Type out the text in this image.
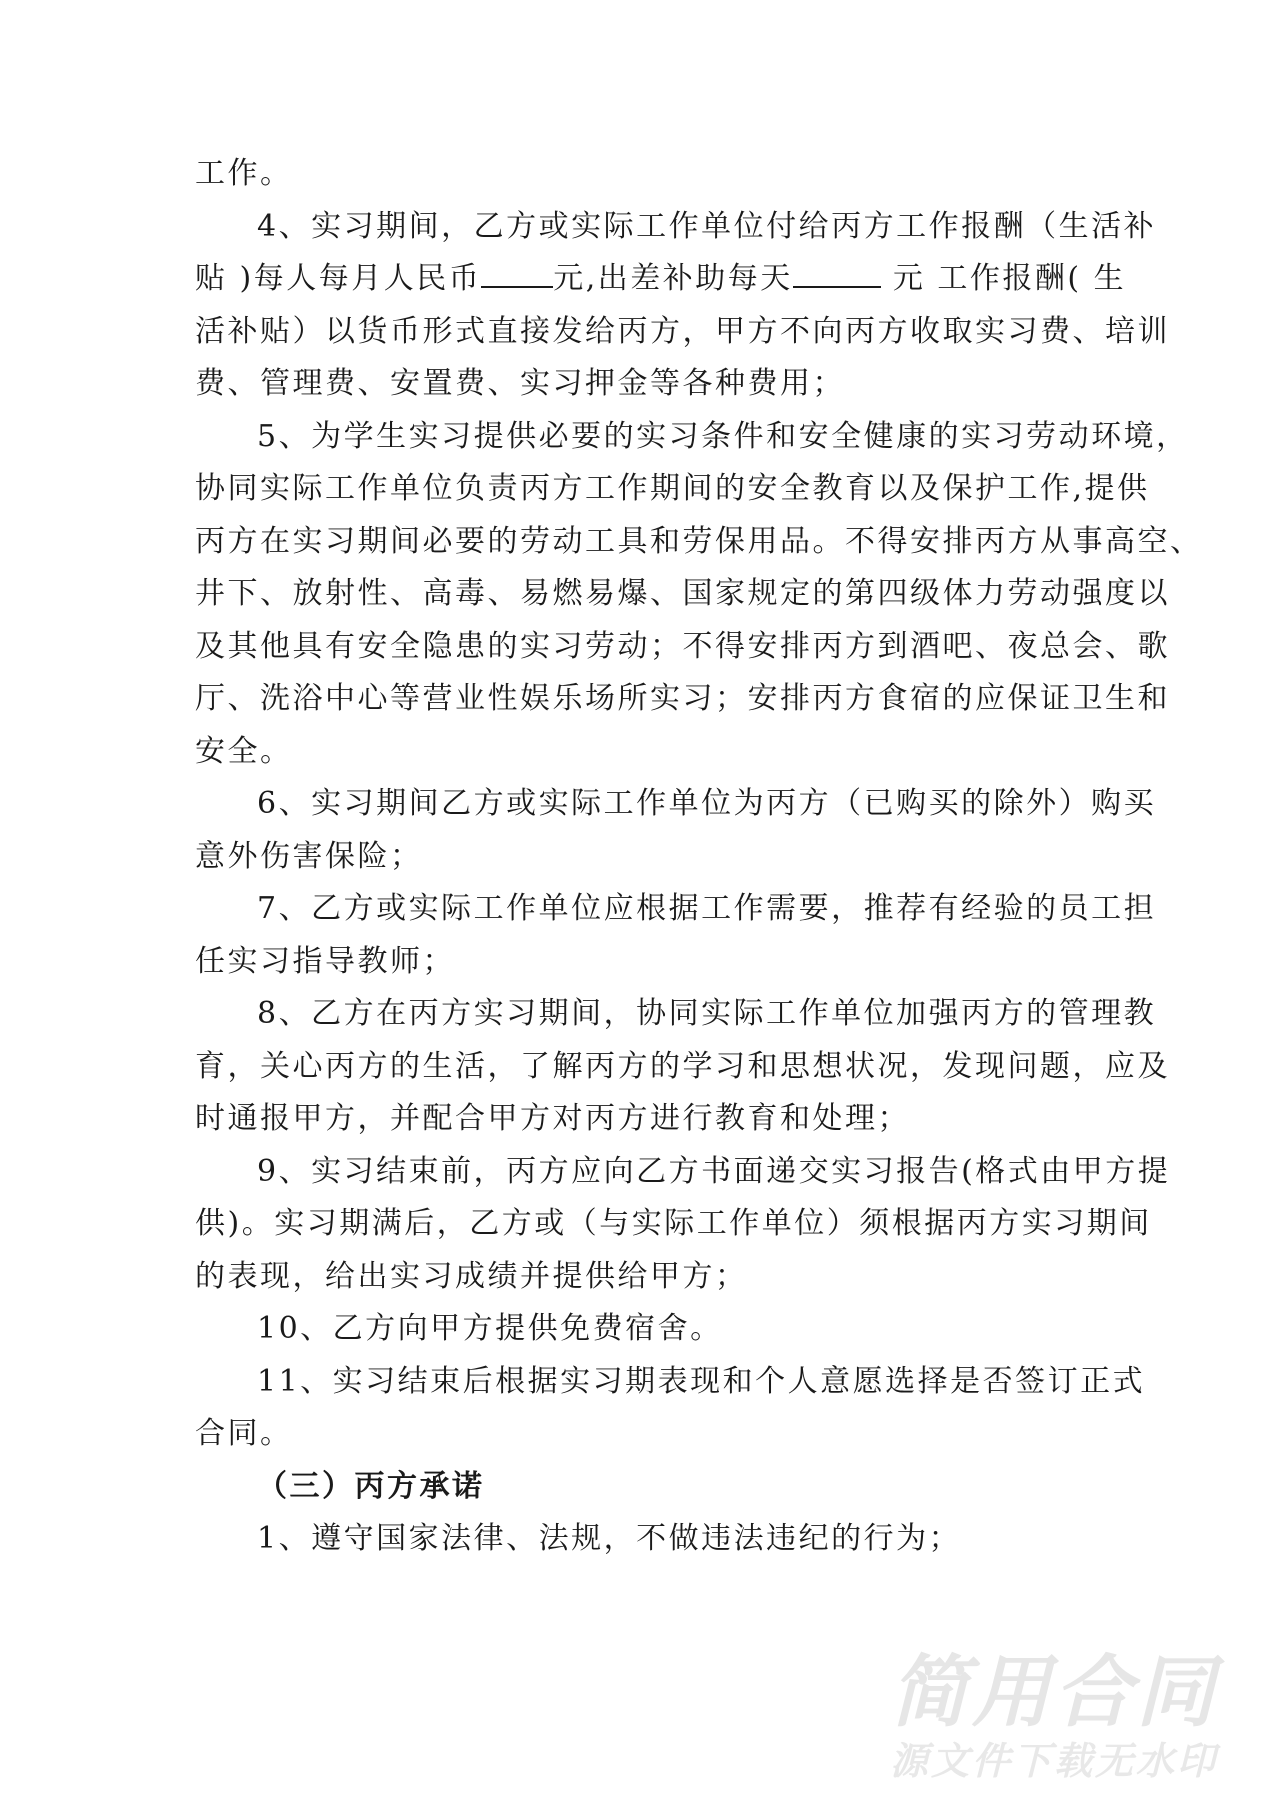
工作。
4、实习期间，乙方或实际工作单位付给丙方工作报酬（生活补
贴 )每人每月人民币 元,出差补助每天	元 工作报酬( 生
活补贴）以货币形式直接发给丙方，甲方不向丙方收取实习费、培训
费、管理费、安置费、实习押金等各种费用；
5、为学生实习提供必要的实习条件和安全健康的实习劳动环境，
协同实际工作单位负责丙方工作期间的安全教育以及保护工作,提供
丙方在实习期间必要的劳动工具和劳保用品。不得安排丙方从事高空、
井下、放射性、高毒、易燃易爆、国家规定的第四级体力劳动强度以
及其他具有安全隐患的实习劳动；不得安排丙方到酒吧、夜总会、歌
厅、洗浴中心等营业性娱乐场所实习；安排丙方食宿的应保证卫生和
安全。
6、实习期间乙方或实际工作单位为丙方（已购买的除外）购买
意外伤害保险；
7、乙方或实际工作单位应根据工作需要，推荐有经验的员工担
任实习指导教师；
8、乙方在丙方实习期间，协同实际工作单位加强丙方的管理教
育，关心丙方的生活，了解丙方的学习和思想状况，发现问题，应及
时通报甲方，并配合甲方对丙方进行教育和处理；
9、实习结束前，丙方应向乙方书面递交实习报告(格式由甲方提
供)。实习期满后，乙方或（与实际工作单位）须根据丙方实习期间
的表现，给出实习成绩并提供给甲方；
10、乙方向甲方提供免费宿舍。
11、实习结束后根据实习期表现和个人意愿选择是否签订正式
合同。
（三）丙方承诺
1、遵守国家法律、法规，不做违法违纪的行为；
简用合同
源文件下载无水印
